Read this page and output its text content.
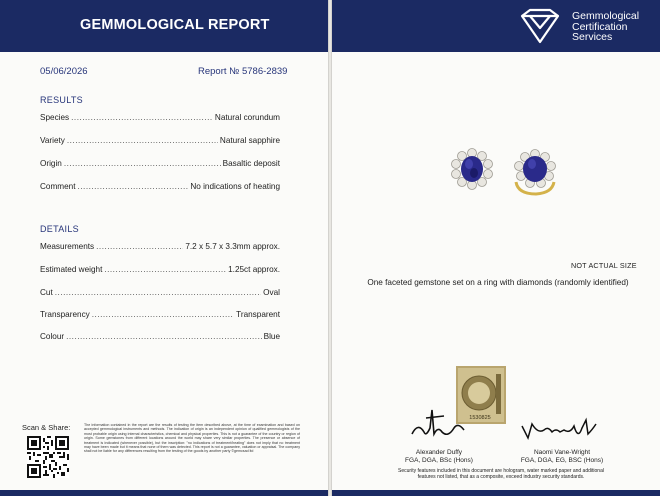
GEMMOLOGICAL REPORT
05/06/2026	Report № 5786-2839
RESULTS
Species .....	Natural corundum
Variety .....	Natural sapphire
Origin .....	Basaltic deposit
Comment .....	No indications of heating
DETAILS
Measurements .....	7.2 x 5.7 x 3.3mm approx.
Estimated weight .....	1.25ct approx.
Cut .....	Oval
Transparency .....	Transparent
Colour .....	Blue
Scan & Share:	The information contained in the report are the results of testing the item described above, at the time of examination and based on accepted gemmological instruments and methods. The indication of origin is an independent opinion of qualified gemmologists of the most probable origin using internal characteristics, chemical and physical properties. This is not a guarantee of the country or region of origin. Some gemstones from different locations around the world may share very similar properties. The presence or absence of treatment is indicated (whenever possible), but the inscription: "no indications of treatment/heating" does not imply that no treatment may have been made but it means that none of them was detected. This report is not a guarantee, valuation or appraisal. The company shall not be liable for any differences resulting from the testing of the goods by another party ©gemcsad ltd
Gemmological
Certification
Services
NOT ACTUAL SIZE
One faceted gemstone set on a ring with diamonds (randomly identified)
1530825
Alexander Duffy
FGA, DGA, BSc (Hons)
Naomi Vane-Wright
FGA, DGA, EG, BSC (Hons)
Security features included in this document are hologram, water marked paper and additional features not listed, that as a composite, exceed industry security standards.
